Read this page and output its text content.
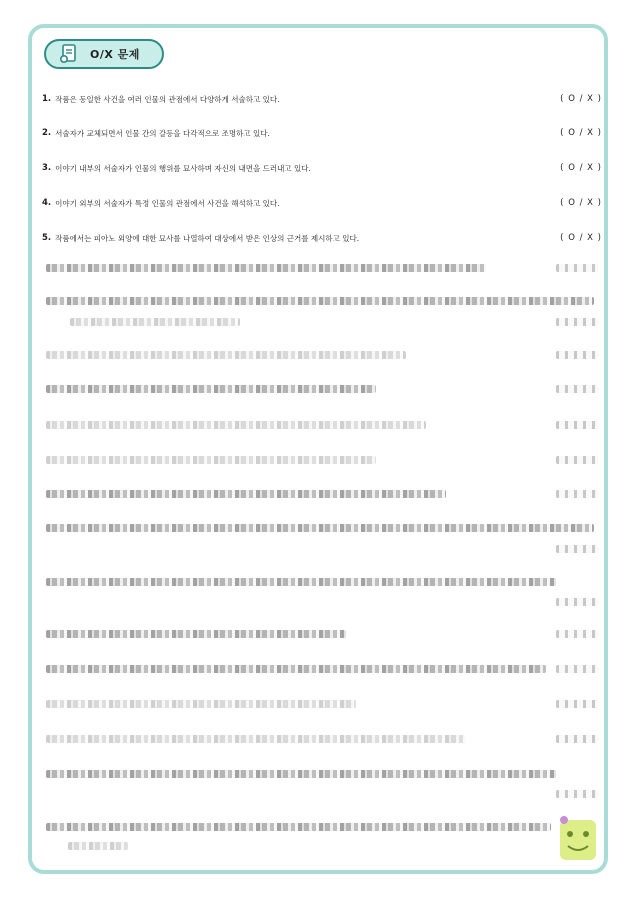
O/X 문제
1. 작품은 동일한 사건을 여러 인물의 관점에서 다양하게 서술하고 있다.	( O / X )
2. 서술자가 교체되면서 인물 간의 갈등을 다각적으로 조명하고 있다.	( O / X )
3. 이야기 내부의 서술자가 인물의 행위를 묘사하며 자신의 내면을 드러내고 있다.	( O / X )
4. 이야기 외부의 서술자가 특정 인물의 관점에서 사건을 해석하고 있다.	( O / X )
5. 작품에서는 피아노 외양에 대한 묘사를 나열하여 대상에서 받은 인상의 근거를 제시하고 있다.	( O / X )
